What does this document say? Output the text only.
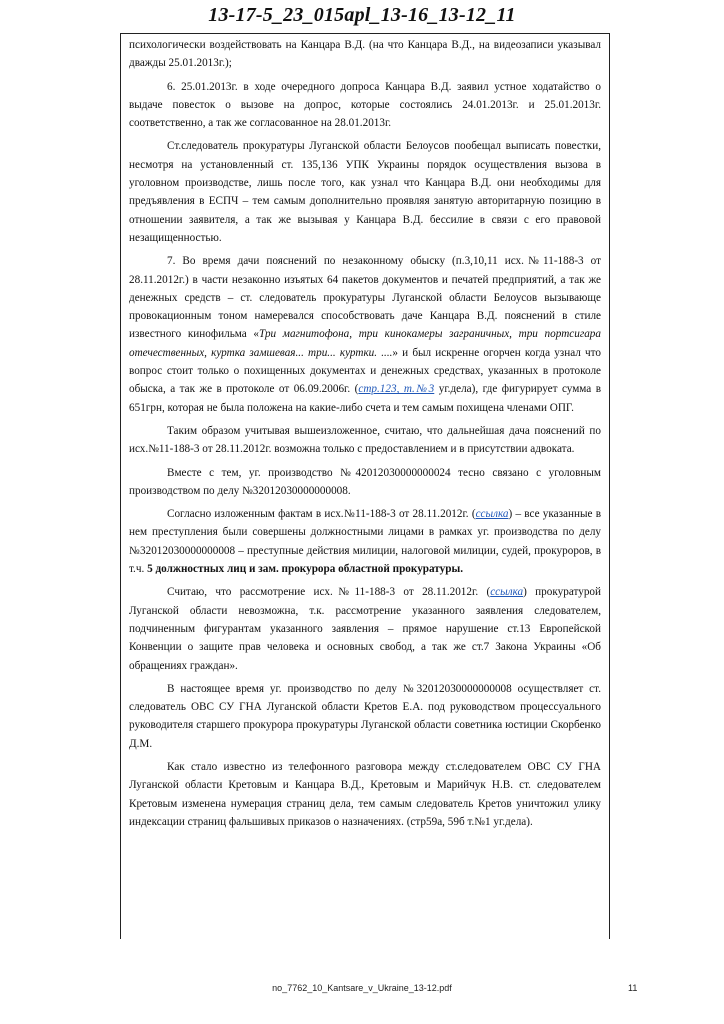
13-17-5_23_015apl_13-16_13-12_11

психологически воздействовать на Канцара В.Д. (на что Канцара В.Д., на видеозаписи указывал дважды 25.01.2013г.);

6. 25.01.2013г. в ходе очередного допроса Канцара В.Д. заявил устное ходатайство о выдаче повесток о вызове на допрос, которые состоялись 24.01.2013г. и 25.01.2013г. соответственно, а так же согласованное на 28.01.2013г.

Ст.следователь прокуратуры Луганской области Белоусов пообещал выписать повестки, несмотря на установленный ст. 135,136 УПК Украины порядок осуществления вызова в уголовном производстве, лишь после того, как узнал что Канцара В.Д. они необходимы для предъявления в ЕСПЧ – тем самым дополнительно проявляя занятую авторитарную позицию в отношении заявителя, а так же вызывая у Канцара В.Д. бессилие в связи с его правовой незащищенностью.

7. Во время дачи пояснений по незаконному обыску (п.3,10,11 исх.№11-188-3 от 28.11.2012г.) в части незаконно изъятых 64 пакетов документов и печатей предприятий, а так же денежных средств – ст. следователь прокуратуры Луганской области Белоусов вызывающе провокационным тоном намеревался способствовать даче Канцара В.Д. пояснений в стиле известного кинофильма «Три магнитофона, три кинокамеры заграничных, три портсигара отечественных, куртка замшевая... три... куртки. ....» и был искренне огорчен когда узнал что вопрос стоит только о похищенных документах и денежных средствах, указанных в протоколе обыска, а так же в протоколе от 06.09.2006г. (стр.123, т.№3 уг.дела), где фигурирует сумма в 651грн, которая не была положена на какие-либо счета и тем самым похищена членами ОПГ.

Таким образом учитывая вышеизложенное, считаю, что дальнейшая дача пояснений по исх.№11-188-3 от 28.11.2012г. возможна только с предоставлением и в присутствии адвоката.

Вместе с тем, уг. производство №42012030000000024 тесно связано с уголовным производством по делу №32012030000000008.

Согласно изложенным фактам в исх.№11-188-3 от 28.11.2012г. (ссылка) – все указанные в нем преступления были совершены должностными лицами в рамках уг. производства по делу №32012030000000008 – преступные действия милиции, налоговой милиции, судей, прокуроров, в т.ч. 5 должностных лиц и зам. прокурора областной прокуратуры.

Считаю, что рассмотрение исх.№11-188-3 от 28.11.2012г. (ссылка) прокуратурой Луганской области невозможна, т.к. рассмотрение указанного заявления следователем, подчиненным фигурантам указанного заявления – прямое нарушение ст.13 Европейской Конвенции о защите прав человека и основных свобод, а так же ст.7 Закона Украины «Об обращениях граждан».

В настоящее время уг. производство по делу №32012030000000008 осуществляет ст. следователь ОВС СУ ГНА Луганской области Кретов Е.А. под руководством процессуального руководителя старшего прокурора прокуратуры Луганской области советника юстиции Скорбенко Д.М.

Как стало известно из телефонного разговора между ст.следователем ОВС СУ ГНА Луганской области Кретовым и Канцара В.Д., Кретовым и Марийчук Н.В. ст. следователем Кретовым изменена нумерация страниц дела, тем самым следователь Кретов уничтожил улику индексации страниц фальшивых приказов о назначениях. (стр59а, 59б т.№1 уг.дела).

no_7762_10_Kantsare_v_Ukraine_13-12.pdf	11
